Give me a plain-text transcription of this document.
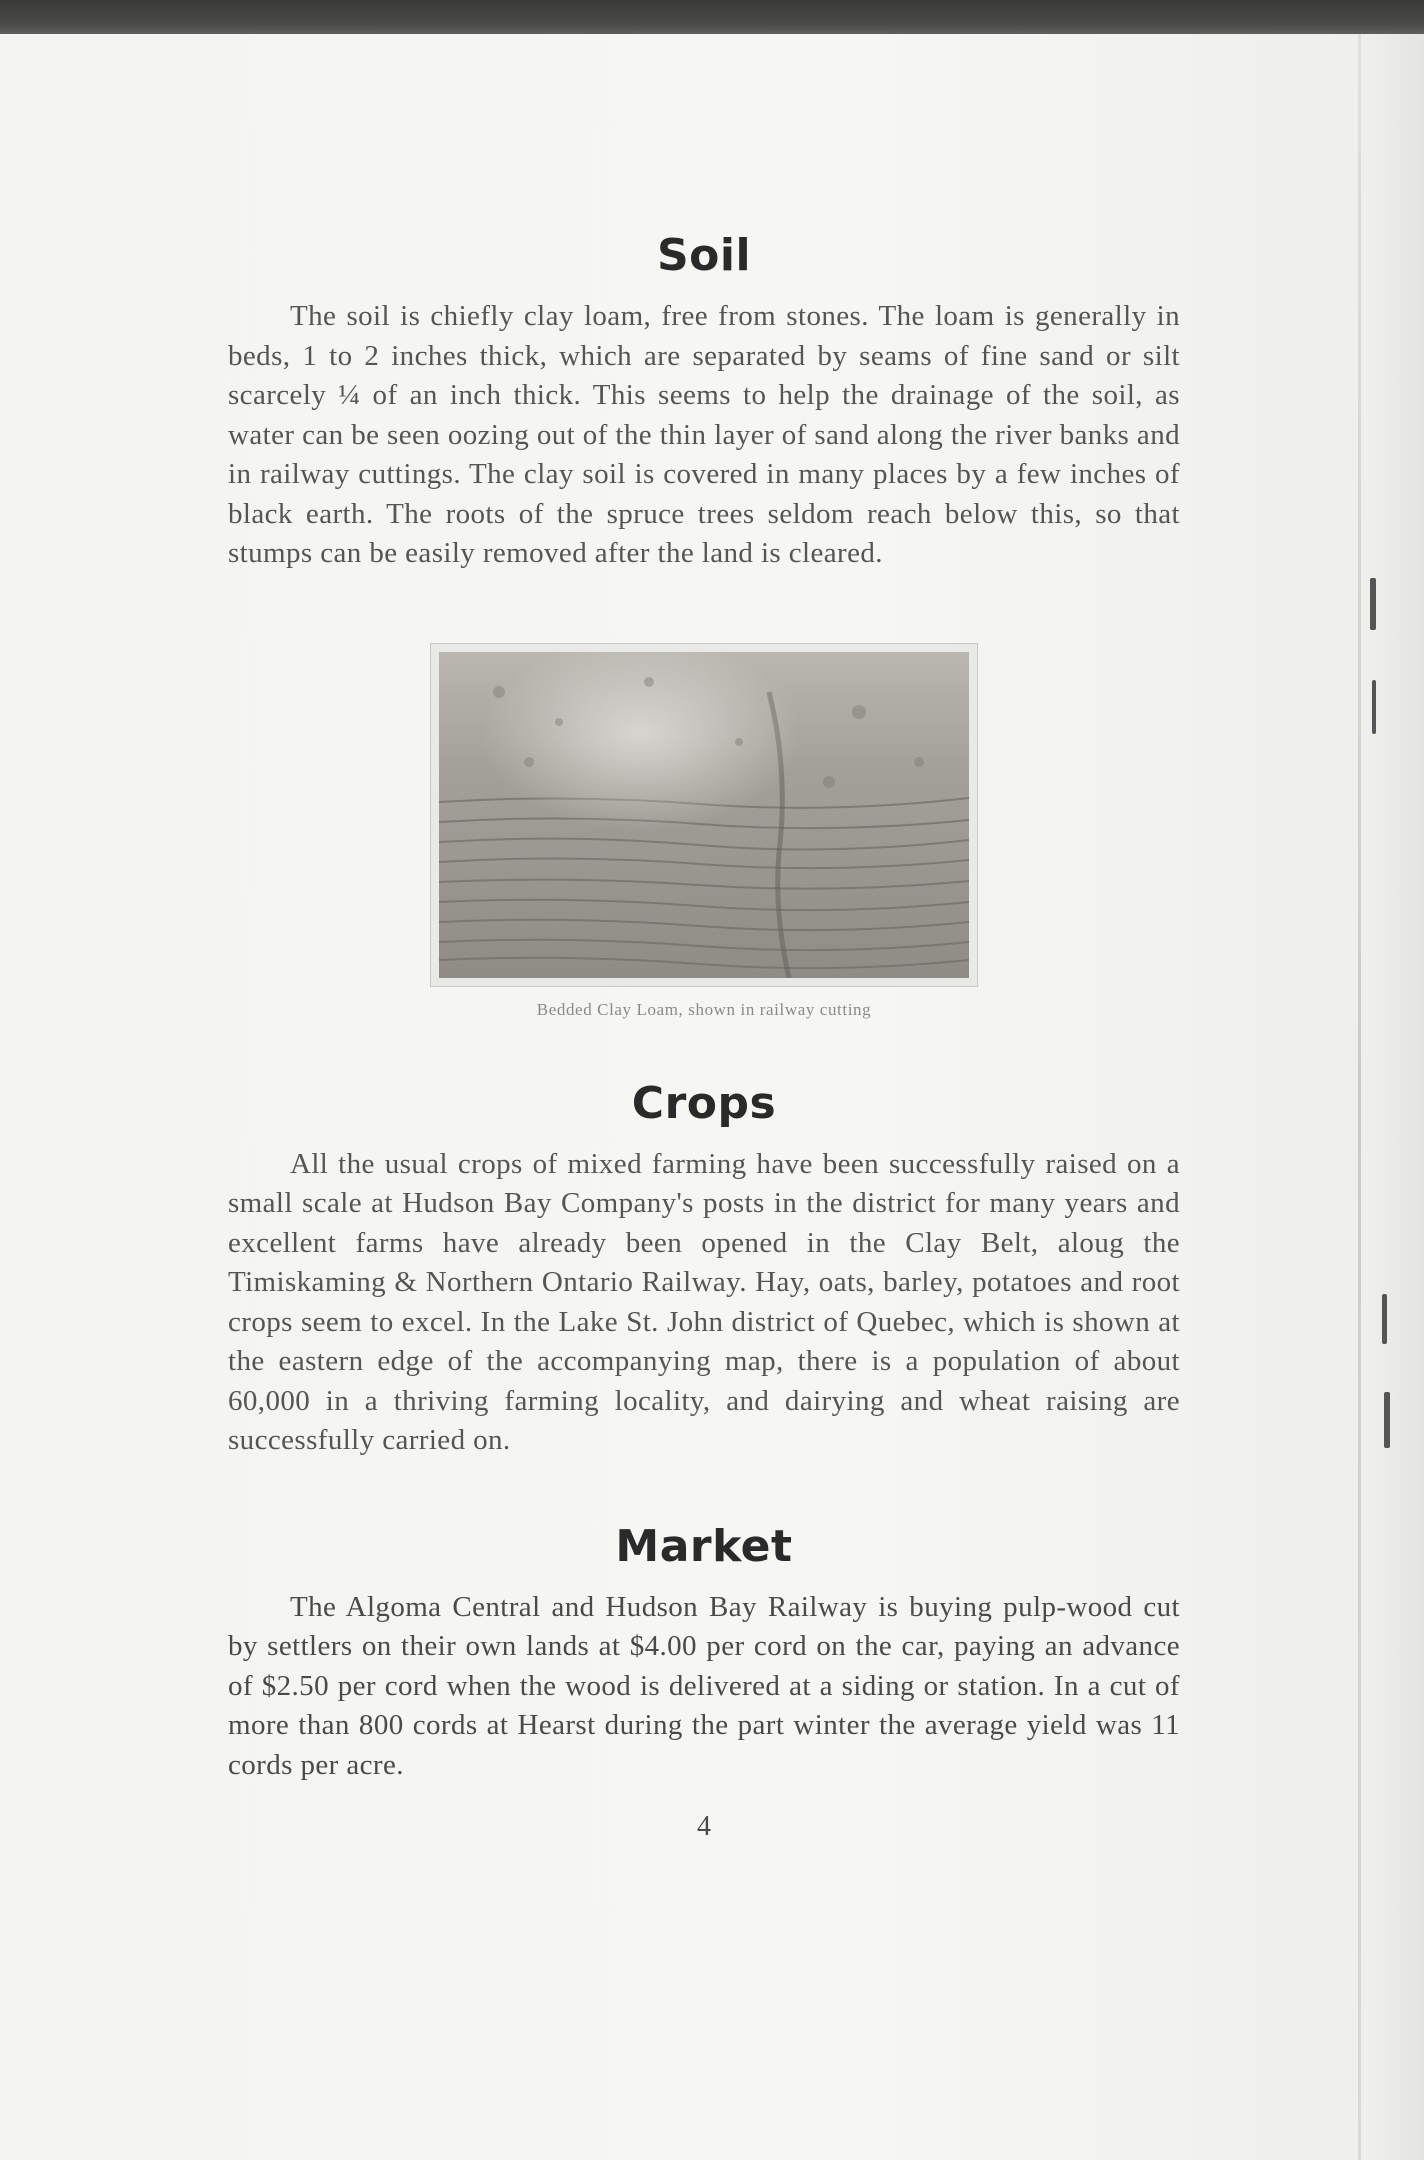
Soil

The soil is chiefly clay loam, free from stones. The loam is generally in beds, 1 to 2 inches thick, which are separated by seams of fine sand or silt scarcely ¼ of an inch thick. This seems to help the drainage of the soil, as water can be seen oozing out of the thin layer of sand along the river banks and in railway cuttings. The clay soil is covered in many places by a few inches of black earth. The roots of the spruce trees seldom reach below this, so that stumps can be easily removed after the land is cleared.

Bedded Clay Loam, shown in railway cutting
Crops

All the usual crops of mixed farming have been successfully raised on a small scale at Hudson Bay Company's posts in the district for many years and excellent farms have already been opened in the Clay Belt, aloug the Timiskaming & Northern Ontario Railway. Hay, oats, barley, potatoes and root crops seem to excel. In the Lake St. John district of Quebec, which is shown at the eastern edge of the accompanying map, there is a population of about 60,000 in a thriving farming locality, and dairying and wheat raising are successfully carried on.

Market

The Algoma Central and Hudson Bay Railway is buying pulp-wood cut by settlers on their own lands at $4.00 per cord on the car, paying an advance of $2.50 per cord when the wood is delivered at a siding or station. In a cut of more than 800 cords at Hearst during the part winter the average yield was 11 cords per acre.

4
